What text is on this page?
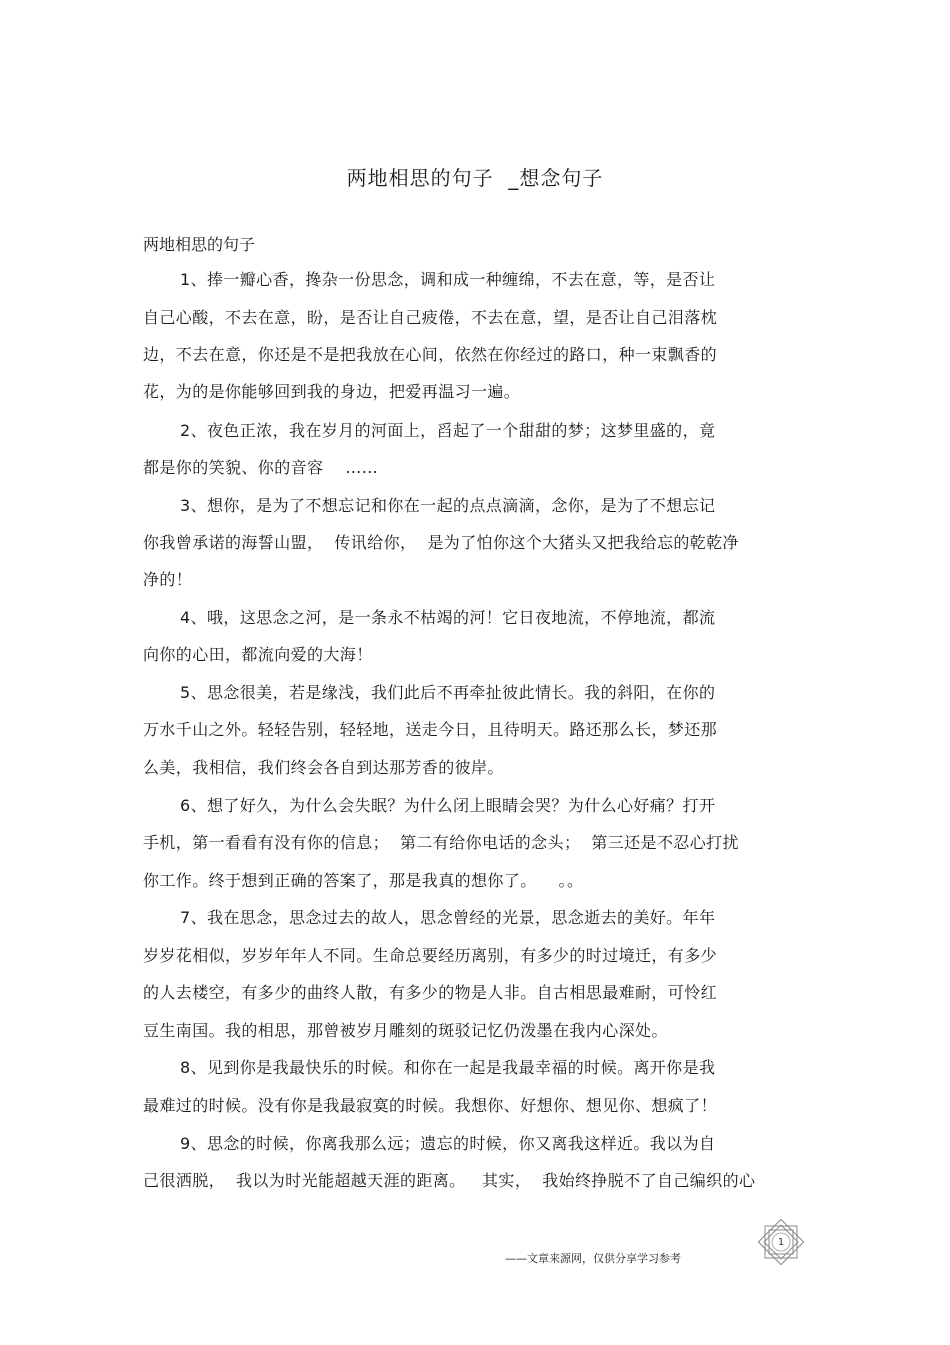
两地相思的句子  _想念句子
两地相思的句子
1、捧一瓣心香，搀杂一份思念，调和成一种缠绵，不去在意，等，是否让
自己心酸，不去在意，盼，是否让自己疲倦，不去在意，望，是否让自己泪落枕
边，不去在意，你还是不是把我放在心间，依然在你经过的路口，种一束飘香的
花，为的是你能够回到我的身边，把爱再温习一遍。
2、夜色正浓，我在岁月的河面上，舀起了一个甜甜的梦；这梦里盛的，竟
都是你的笑貌、你的音容    ……
3、想你，是为了不想忘记和你在一起的点点滴滴，念你，是为了不想忘记
你我曾承诺的海誓山盟，  传讯给你，  是为了怕你这个大猪头又把我给忘的乾乾净
净的！
4、哦，这思念之河，是一条永不枯竭的河！它日夜地流，不停地流，都流
向你的心田，都流向爱的大海！
5、思念很美，若是缘浅，我们此后不再牵扯彼此情长。我的斜阳，在你的
万水千山之外。轻轻告别，轻轻地，送走今日，且待明天。路还那么长，梦还那
么美，我相信，我们终会各自到达那芳香的彼岸。
6、想了好久，为什么会失眠？为什么闭上眼睛会哭？为什么心好痛？打开
手机，第一看看有没有你的信息；  第二有给你电话的念头；  第三还是不忍心打扰
你工作。终于想到正确的答案了，那是我真的想你了。    。。
7、我在思念，思念过去的故人，思念曾经的光景，思念逝去的美好。年年
岁岁花相似，岁岁年年人不同。生命总要经历离别，有多少的时过境迁，有多少
的人去楼空，有多少的曲终人散，有多少的物是人非。自古相思最难耐，可怜红
豆生南国。我的相思，那曾被岁月雕刻的斑驳记忆仍泼墨在我内心深处。
8、见到你是我最快乐的时候。和你在一起是我最幸福的时候。离开你是我
最难过的时候。没有你是我最寂寞的时候。我想你、好想你、想见你、想疯了！
9、思念的时候，你离我那么远；遗忘的时候，你又离我这样近。我以为自
己很洒脱，  我以为时光能超越天涯的距离。   其实，  我始终挣脱不了自己编织的心
——文章来源网，仅供分享学习参考
1
